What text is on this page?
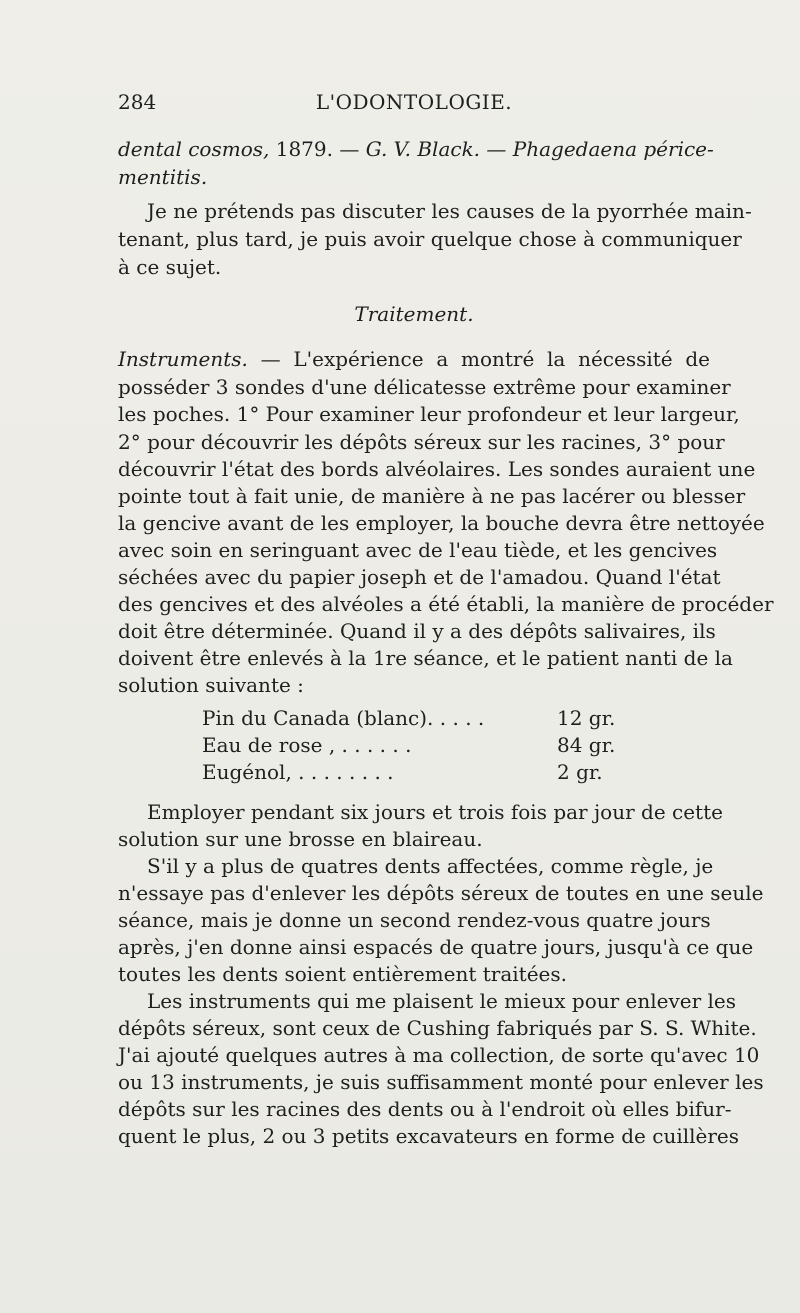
284	L'ODONTOLOGIE.
dental cosmos, 1879. — G. V. Black. — Phagedaena périce-
mentitis.
Je ne prétends pas discuter les causes de la pyorrhée main-
tenant, plus tard, je puis avoir quelque chose à communiquer
à ce sujet.
Traitement.
Instruments. — L'expérience a montré la nécessité de
posséder 3 sondes d'une délicatesse extrême pour examiner
les poches. 1° Pour examiner leur profondeur et leur largeur,
2° pour découvrir les dépôts séreux sur les racines, 3° pour
découvrir l'état des bords alvéolaires. Les sondes auraient une
pointe tout à fait unie, de manière à ne pas lacérer ou blesser
la gencive avant de les employer, la bouche devra être nettoyée
avec soin en seringuant avec de l'eau tiède, et les gencives
séchées avec du papier joseph et de l'amadou. Quand l'état
des gencives et des alvéoles a été établi, la manière de procéder
doit être déterminée. Quand il y a des dépôts salivaires, ils
doivent être enlevés à la 1re séance, et le patient nanti de la
solution suivante :
Pin du Canada (blanc). . . . .	12 gr.
Eau de rose , . . . . . .	84 gr.
Eugénol, . . . . . . . .	2 gr.
Employer pendant six jours et trois fois par jour de cette
solution sur une brosse en blaireau.
S'il y a plus de quatres dents affectées, comme règle, je
n'essaye pas d'enlever les dépôts séreux de toutes en une seule
séance, mais je donne un second rendez-vous quatre jours
après, j'en donne ainsi espacés de quatre jours, jusqu'à ce que
toutes les dents soient entièrement traitées.
Les instruments qui me plaisent le mieux pour enlever les
dépôts séreux, sont ceux de Cushing fabriqués par S. S. White.
J'ai ajouté quelques autres à ma collection, de sorte qu'avec 10
ou 13 instruments, je suis suffisamment monté pour enlever les
dépôts sur les racines des dents ou à l'endroit où elles bifur-
quent le plus, 2 ou 3 petits excavateurs en forme de cuillères
